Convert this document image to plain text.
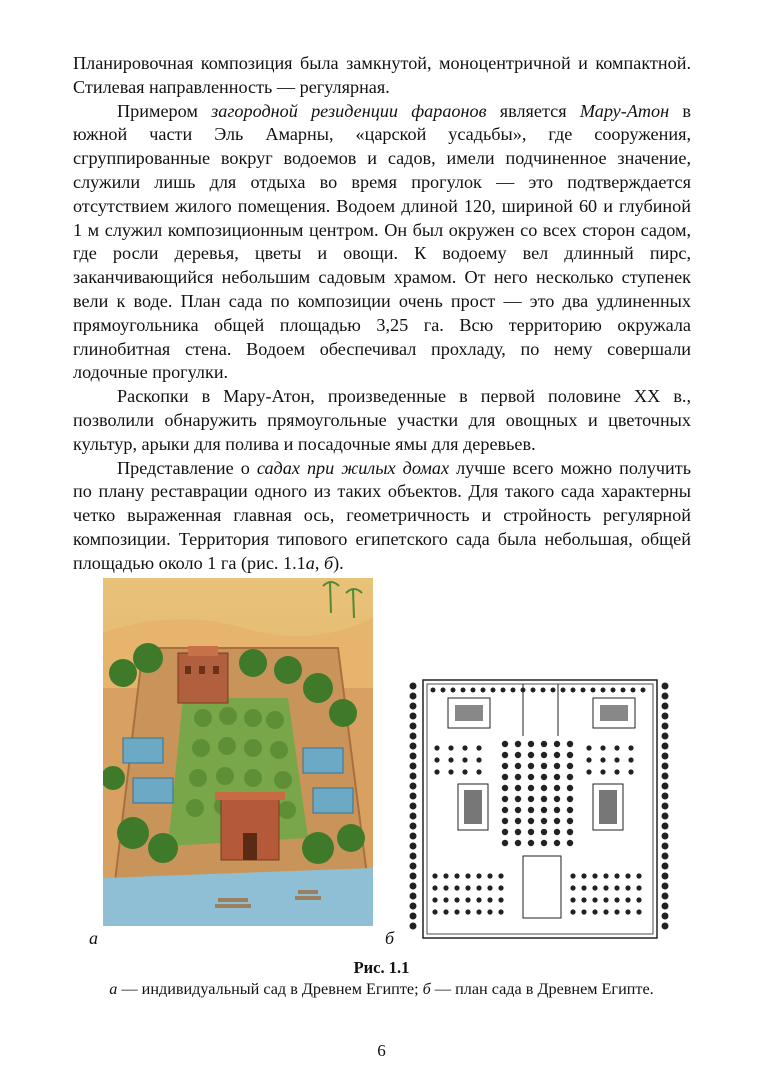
Планировочная композиция была замкнутой, моноцентричной и компактной. Стилевая направленность — регулярная.

Примером загородной резиденции фараонов является Мару-Атон в южной части Эль Амарны, «царской усадьбы», где сооружения, сгруппированные вокруг водоемов и садов, имели подчиненное значение, служили лишь для отдыха во время прогулок — это подтверждается отсутствием жилого помещения. Водоем длиной 120, шириной 60 и глубиной 1 м служил композиционным центром. Он был окружен со всех сторон садом, где росли деревья, цветы и овощи. К водоему вел длинный пирс, заканчивающийся небольшим садовым храмом. От него несколько ступенек вели к воде. План сада по композиции очень прост — это два удлиненных прямоугольника общей площадью 3,25 га. Всю территорию окружала глинобитная стена. Водоем обеспечивал прохладу, по нему совершали лодочные прогулки.

Раскопки в Мару-Атон, произведенные в первой половине XX в., позволили обнаружить прямоугольные участки для овощных и цветочных культур, арыки для полива и посадочные ямы для деревьев.

Представление о садах при жилых домах лучше всего можно получить по плану реставрации одного из таких объектов. Для такого сада характерны четко выраженная главная ось, геометричность и стройность регулярной композиции. Территория типового египетского сада была небольшая, общей площадью около 1 га (рис. 1.1а, б).

а	б
Рис. 1.1
а — индивидуальный сад в Древнем Египте; б — план сада в Древнем Египте.
6
